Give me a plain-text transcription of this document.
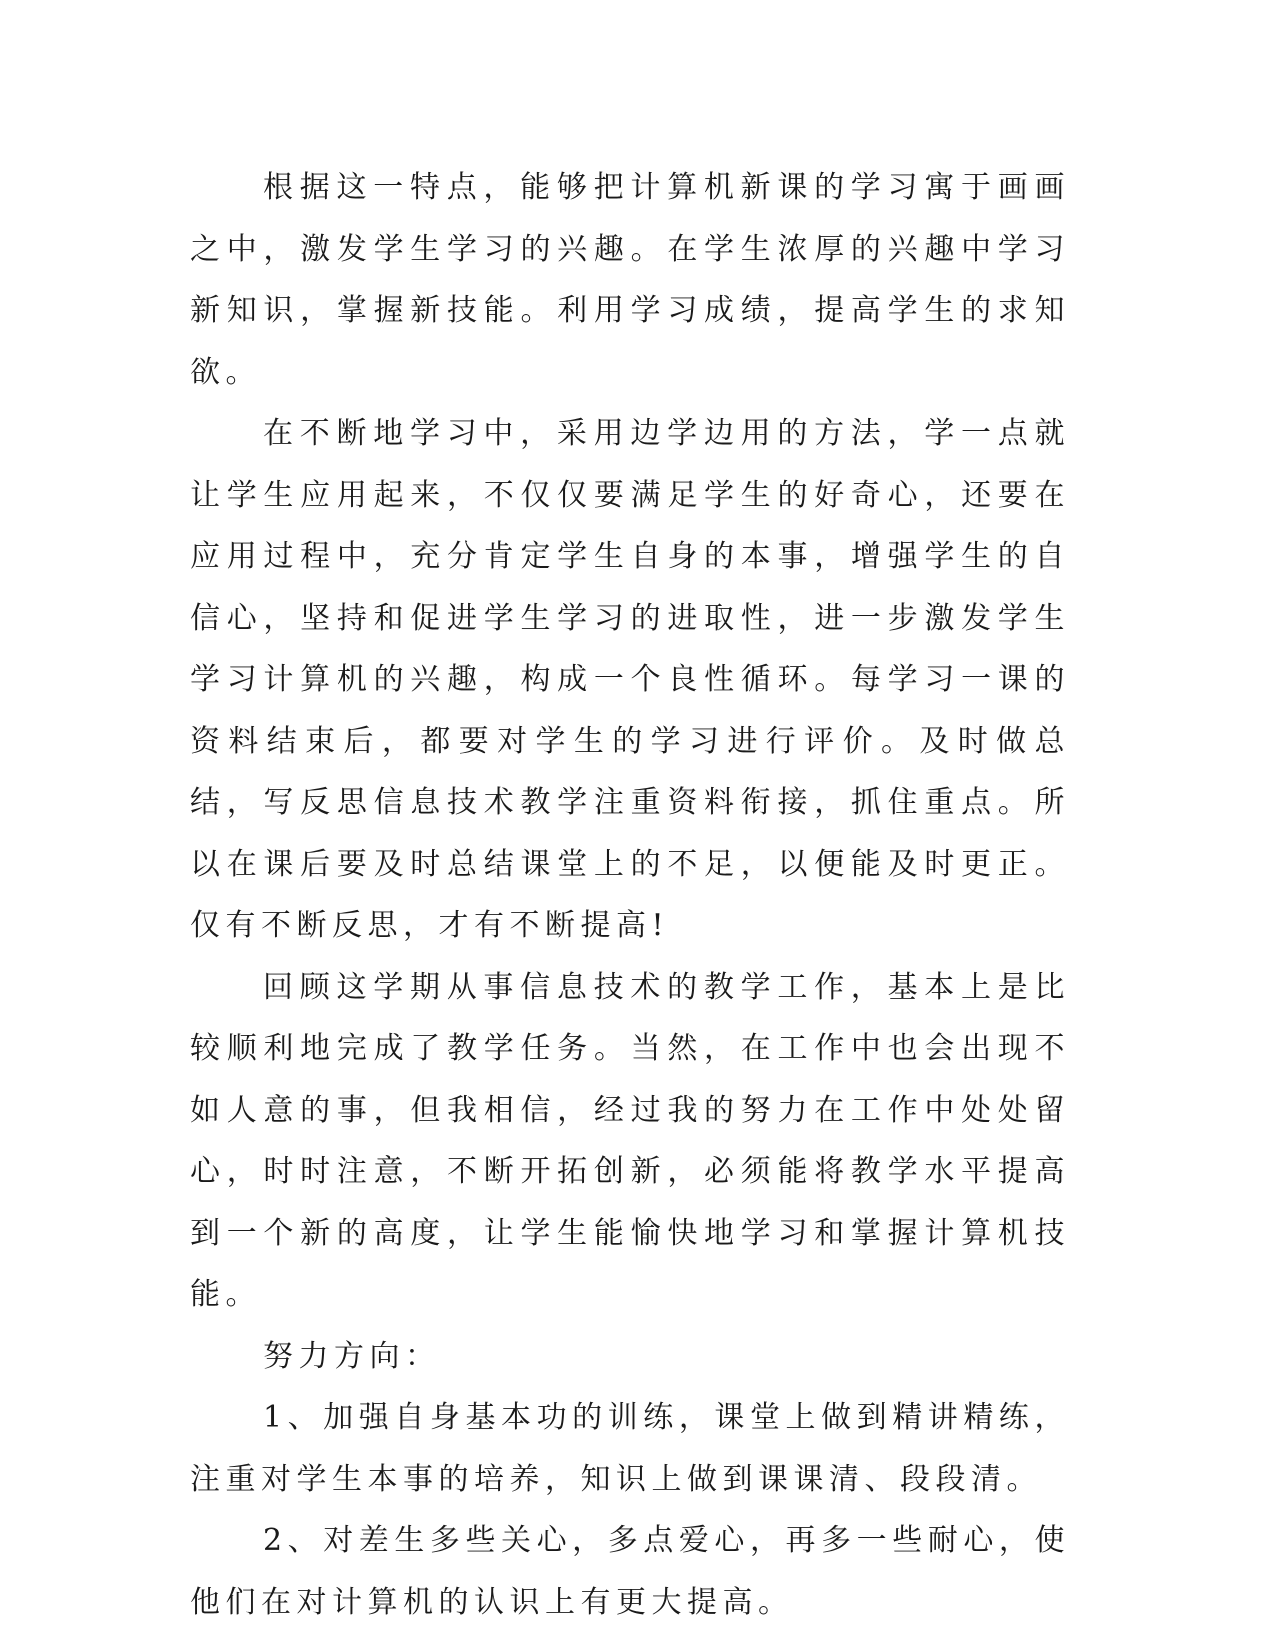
根据这一特点，能够把计算机新课的学习寓于画画之中，激发学生学习的兴趣。在学生浓厚的兴趣中学习新知识，掌握新技能。利用学习成绩，提高学生的求知欲。

在不断地学习中，采用边学边用的方法，学一点就让学生应用起来，不仅仅要满足学生的好奇心，还要在应用过程中，充分肯定学生自身的本事，增强学生的自信心，坚持和促进学生学习的进取性，进一步激发学生学习计算机的兴趣，构成一个良性循环。每学习一课的资料结束后，都要对学生的学习进行评价。及时做总结，写反思信息技术教学注重资料衔接，抓住重点。所以在课后要及时总结课堂上的不足，以便能及时更正。仅有不断反思，才有不断提高!

回顾这学期从事信息技术的教学工作，基本上是比较顺利地完成了教学任务。当然，在工作中也会出现不如人意的事，但我相信，经过我的努力在工作中处处留心，时时注意，不断开拓创新，必须能将教学水平提高到一个新的高度，让学生能愉快地学习和掌握计算机技能。

努力方向：

1、加强自身基本功的训练，课堂上做到精讲精练，注重对学生本事的培养，知识上做到课课清、段段清。

2、对差生多些关心，多点爱心，再多一些耐心，使他们在对计算机的认识上有更大提高。
